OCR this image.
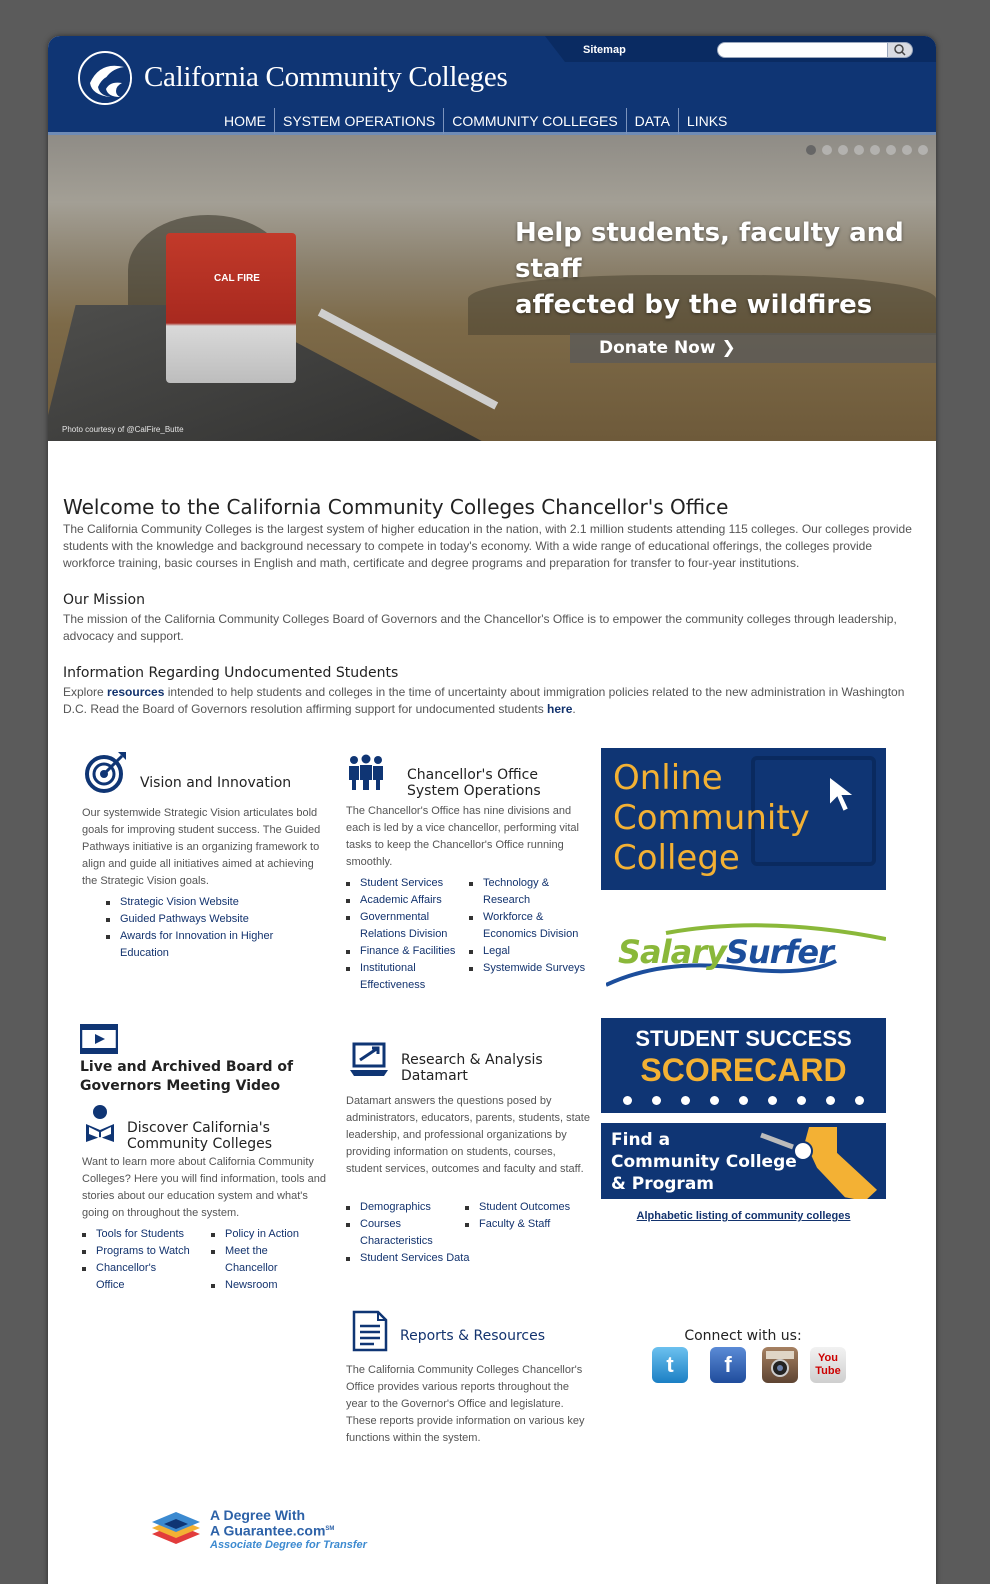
California Community Colleges
Sitemap
HOME	SYSTEM OPERATIONS	COMMUNITY COLLEGES	DATA	LINKS
CAL FIRE
Help students, faculty and staff
affected by the wildfires
Donate Now ❯
Photo courtesy of @CalFire_Butte
Welcome to the California Community Colleges Chancellor's Office

The California Community Colleges is the largest system of higher education in the nation, with 2.1 million students attending 115 colleges. Our colleges provide students with the knowledge and background necessary to compete in today's economy. With a wide range of educational offerings, the colleges provide workforce training, basic courses in English and math, certificate and degree programs and preparation for transfer to four-year institutions.

Our Mission

The mission of the California Community Colleges Board of Governors and the Chancellor's Office is to empower the community colleges through leadership, advocacy and support.

Information Regarding Undocumented Students

Explore resources intended to help students and colleges in the time of uncertainty about immigration policies related to the new administration in Washington D.C. Read the Board of Governors resolution affirming support for undocumented students here.

Vision and Innovation

Our systemwide Strategic Vision articulates bold goals for improving student success. The Guided Pathways initiative is an organizing framework to align and guide all initiatives aimed at achieving the Strategic Vision goals.

Strategic Vision Website
Guided Pathways Website
Awards for Innovation in Higher Education
Chancellor's Office
System Operations

The Chancellor's Office has nine divisions and each is led by a vice chancellor, performing vital tasks to keep the Chancellor's Office running smoothly.

Student Services
Academic Affairs
Governmental Relations Division
Finance & Facilities
Institutional Effectiveness
Technology & Research
Workforce & Economics Division
Legal
Systemwide Surveys
Live and Archived Board of
Governors Meeting Video
Discover California's
Community Colleges

Want to learn more about California Community Colleges? Here you will find information, tools and stories about our education system and what's going on throughout the system.

Tools for Students
Programs to Watch
Chancellor's Office
Policy in Action
Meet the Chancellor
Newsroom
Research & Analysis
Datamart

Datamart answers the questions posed by administrators, educators, parents, students, state leadership, and professional organizations by providing information on students, courses, student services, outcomes and faculty and staff.

Demographics
Courses Characteristics
Student Services Data
Student Outcomes
Faculty & Staff
Reports & Resources

The California Community Colleges Chancellor's Office provides various reports throughout the year to the Governor's Office and legislature. These reports provide information on various key functions within the system.

Online
Community
College
SalarySurfer
STUDENT SUCCESS
SCORECARD
Find a
Community College
& Program
Alphabetic listing of community colleges
Connect with us:
t	f	You Tube
A Degree With
A Guarantee.com℠
Associate Degree for Transfer
